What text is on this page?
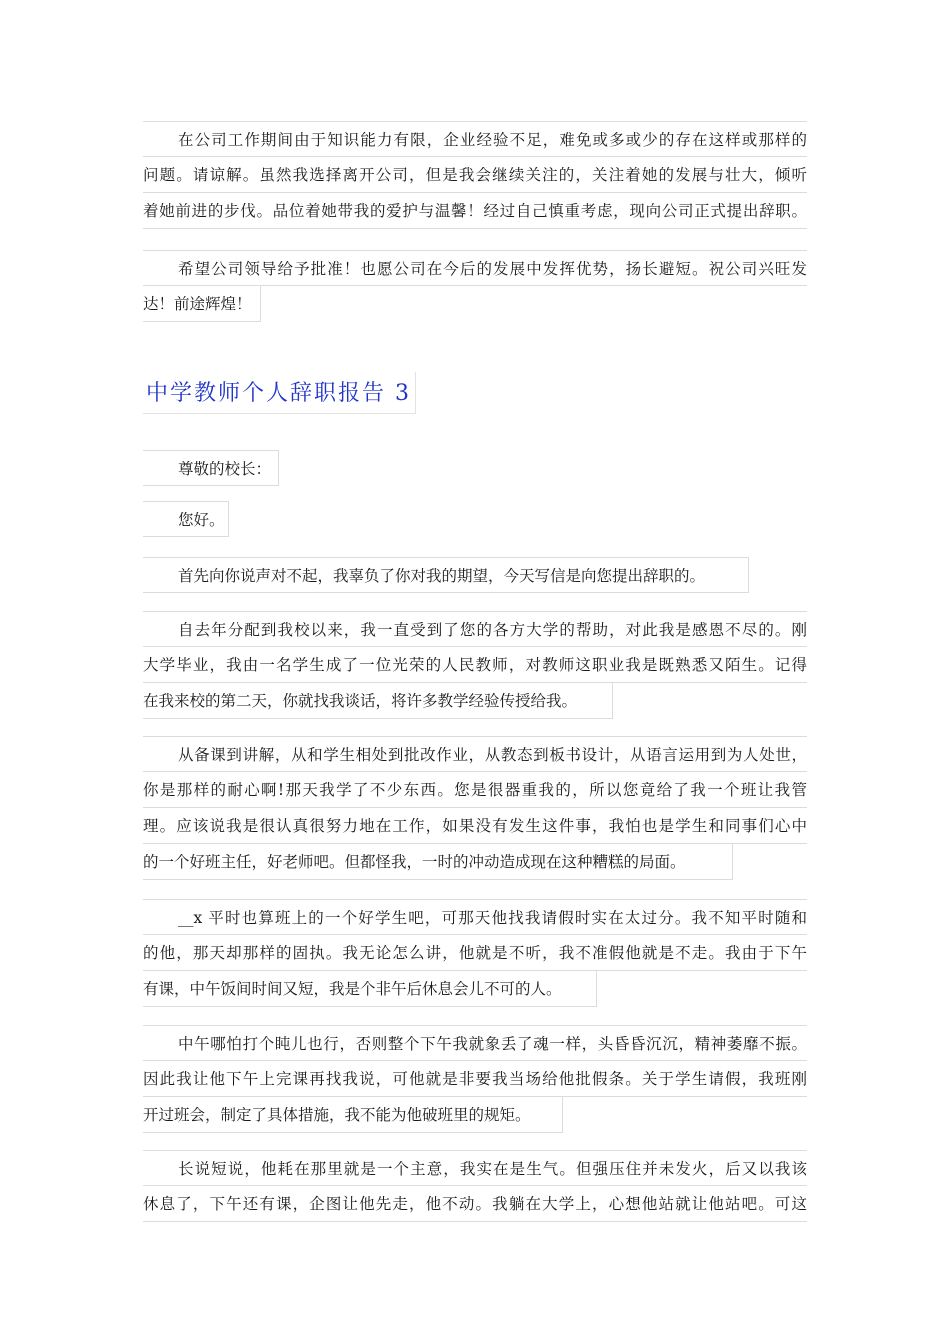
在公司工作期间由于知识能力有限，企业经验不足，难免或多或少的存在这样或那样的
问题。请谅解。虽然我选择离开公司，但是我会继续关注的，关注着她的发展与壮大，倾听
着她前进的步伐。品位着她带我的爱护与温馨！经过自己慎重考虑，现向公司正式提出辞职。
希望公司领导给予批准！也愿公司在今后的发展中发挥优势，扬长避短。祝公司兴旺发
达！前途辉煌！
中学教师个人辞职报告 3
尊敬的校长：
您好。
首先向你说声对不起，我辜负了你对我的期望，今天写信是向您提出辞职的。
自去年分配到我校以来，我一直受到了您的各方大学的帮助，对此我是感恩不尽的。刚
大学毕业，我由一名学生成了一位光荣的人民教师，对教师这职业我是既熟悉又陌生。记得
在我来校的第二天，你就找我谈话，将许多教学经验传授给我。
从备课到讲解，从和学生相处到批改作业，从教态到板书设计，从语言运用到为人处世，
你是那样的耐心啊!那天我学了不少东西。您是很器重我的，所以您竟给了我一个班让我管
理。应该说我是很认真很努力地在工作，如果没有发生这件事，我怕也是学生和同事们心中
的一个好班主任，好老师吧。但都怪我，一时的冲动造成现在这种糟糕的局面。
__x 平时也算班上的一个好学生吧，可那天他找我请假时实在太过分。我不知平时随和
的他，那天却那样的固执。我无论怎么讲，他就是不听，我不准假他就是不走。我由于下午
有课，中午饭间时间又短，我是个非午后休息会儿不可的人。
中午哪怕打个盹儿也行，否则整个下午我就象丢了魂一样，头昏昏沉沉，精神萎靡不振。
因此我让他下午上完课再找我说，可他就是非要我当场给他批假条。关于学生请假，我班刚
开过班会，制定了具体措施，我不能为他破班里的规矩。
长说短说，他耗在那里就是一个主意，我实在是生气。但强压住并未发火，后又以我该
休息了，下午还有课，企图让他先走，他不动。我躺在大学上，心想他站就让他站吧。可这
